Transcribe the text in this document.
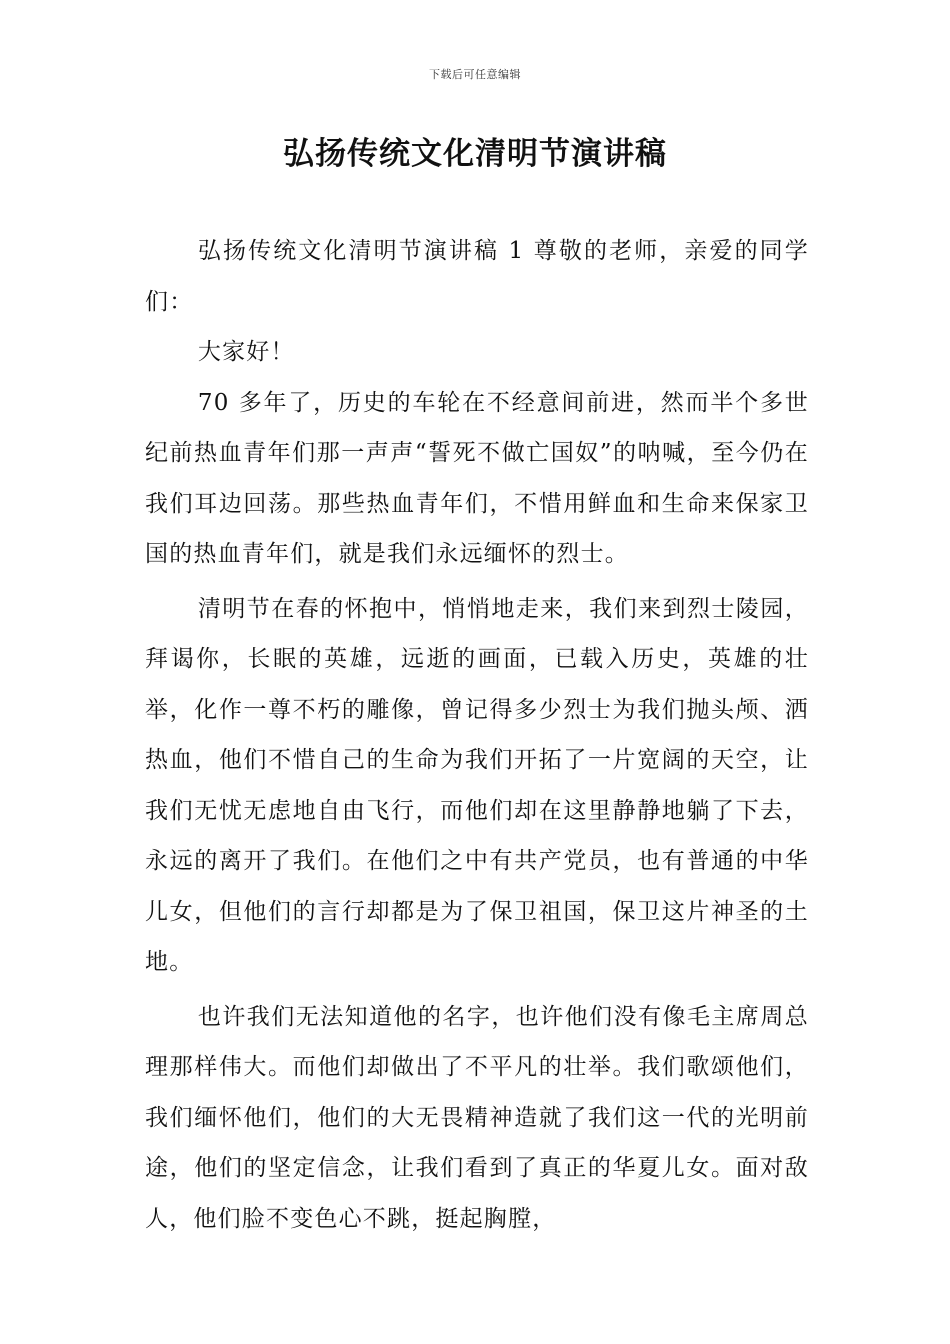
下载后可任意编辑
弘扬传统文化清明节演讲稿

弘扬传统文化清明节演讲稿 1 尊敬的老师，亲爱的同学们：

大家好！

70 多年了，历史的车轮在不经意间前进，然而半个多世纪前热血青年们那一声声“誓死不做亡国奴”的呐喊，至今仍在我们耳边回荡。那些热血青年们，不惜用鲜血和生命来保家卫国的热血青年们，就是我们永远缅怀的烈士。

清明节在春的怀抱中，悄悄地走来，我们来到烈士陵园，拜谒你，长眠的英雄，远逝的画面，已载入历史，英雄的壮举，化作一尊不朽的雕像，曾记得多少烈士为我们抛头颅、洒热血，他们不惜自己的生命为我们开拓了一片宽阔的天空，让我们无忧无虑地自由飞行，而他们却在这里静静地躺了下去，永远的离开了我们。在他们之中有共产党员，也有普通的中华儿女，但他们的言行却都是为了保卫祖国，保卫这片神圣的土地。

也许我们无法知道他的名字，也许他们没有像毛主席周总理那样伟大。而他们却做出了不平凡的壮举。我们歌颂他们，我们缅怀他们，他们的大无畏精神造就了我们这一代的光明前途，他们的坚定信念，让我们看到了真正的华夏儿女。面对敌人，他们脸不变色心不跳，挺起胸膛，
